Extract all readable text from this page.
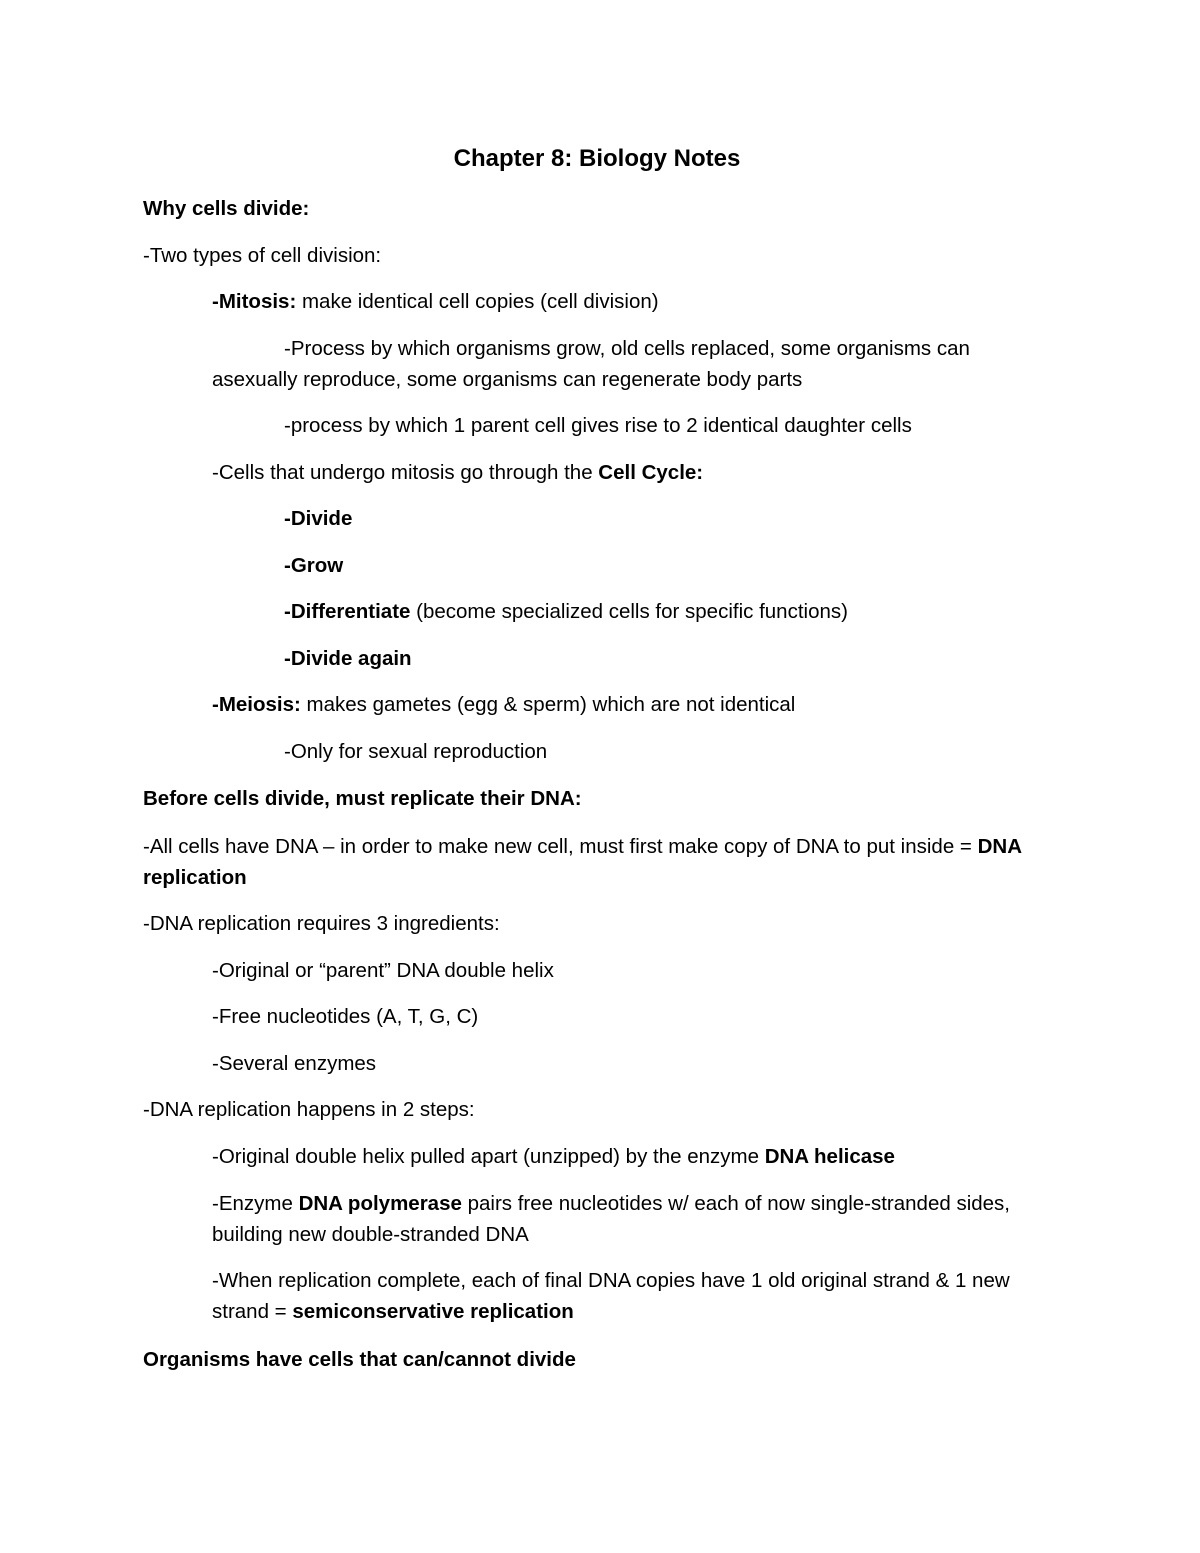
Chapter 8: Biology Notes
Why cells divide:
-Two types of cell division:
-Mitosis: make identical cell copies (cell division)
-Process by which organisms grow, old cells replaced, some organisms can
asexually reproduce, some organisms can regenerate body parts
-process by which 1 parent cell gives rise to 2 identical daughter cells
-Cells that undergo mitosis go through the Cell Cycle:
-Divide
-Grow
-Differentiate (become specialized cells for specific functions)
-Divide again
-Meiosis: makes gametes (egg & sperm) which are not identical
-Only for sexual reproduction
Before cells divide, must replicate their DNA:
-All cells have DNA – in order to make new cell, must first make copy of DNA to put inside = DNA
replication
-DNA replication requires 3 ingredients:
-Original or “parent” DNA double helix
-Free nucleotides (A, T, G, C)
-Several enzymes
-DNA replication happens in 2 steps:
-Original double helix pulled apart (unzipped) by the enzyme DNA helicase
-Enzyme DNA polymerase pairs free nucleotides w/ each of now single-stranded sides,
building new double-stranded DNA
-When replication complete, each of final DNA copies have 1 old original strand & 1 new
strand = semiconservative replication
Organisms have cells that can/cannot divide
